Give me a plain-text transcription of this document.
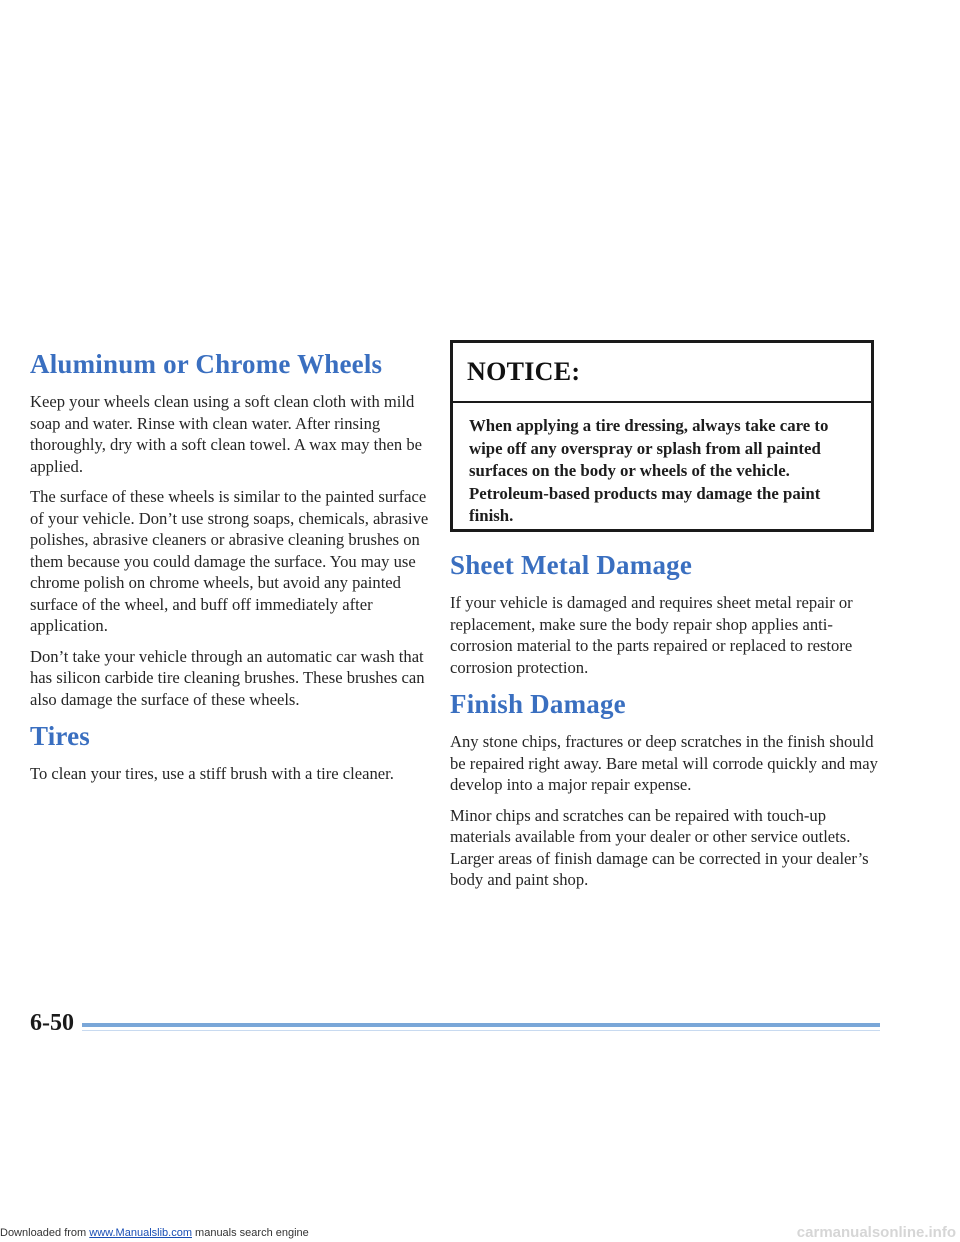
Aluminum or Chrome Wheels

Keep your wheels clean using a soft clean cloth with mild soap and water. Rinse with clean water. After rinsing thoroughly, dry with a soft clean towel. A wax may then be applied.

The surface of these wheels is similar to the painted surface of your vehicle. Don’t use strong soaps, chemicals, abrasive polishes, abrasive cleaners or abrasive cleaning brushes on them because you could damage the surface. You may use chrome polish on chrome wheels, but avoid any painted surface of the wheel, and buff off immediately after application.

Don’t take your vehicle through an automatic car wash that has silicon carbide tire cleaning brushes. These brushes can also damage the surface of these wheels.

Tires

To clean your tires, use a stiff brush with a tire cleaner.

NOTICE:
When applying a tire dressing, always take care to wipe off any overspray or splash from all painted surfaces on the body or wheels of the vehicle. Petroleum-based products may damage the paint finish.
Sheet Metal Damage

If your vehicle is damaged and requires sheet metal repair or replacement, make sure the body repair shop applies anti-corrosion material to the parts repaired or replaced to restore corrosion protection.

Finish Damage

Any stone chips, fractures or deep scratches in the finish should be repaired right away. Bare metal will corrode quickly and may develop into a major repair expense.

Minor chips and scratches can be repaired with touch-up materials available from your dealer or other service outlets. Larger areas of finish damage can be corrected in your dealer’s body and paint shop.

6-50
Downloaded from www.Manualslib.com manuals search engine	carmanualsonline.info
